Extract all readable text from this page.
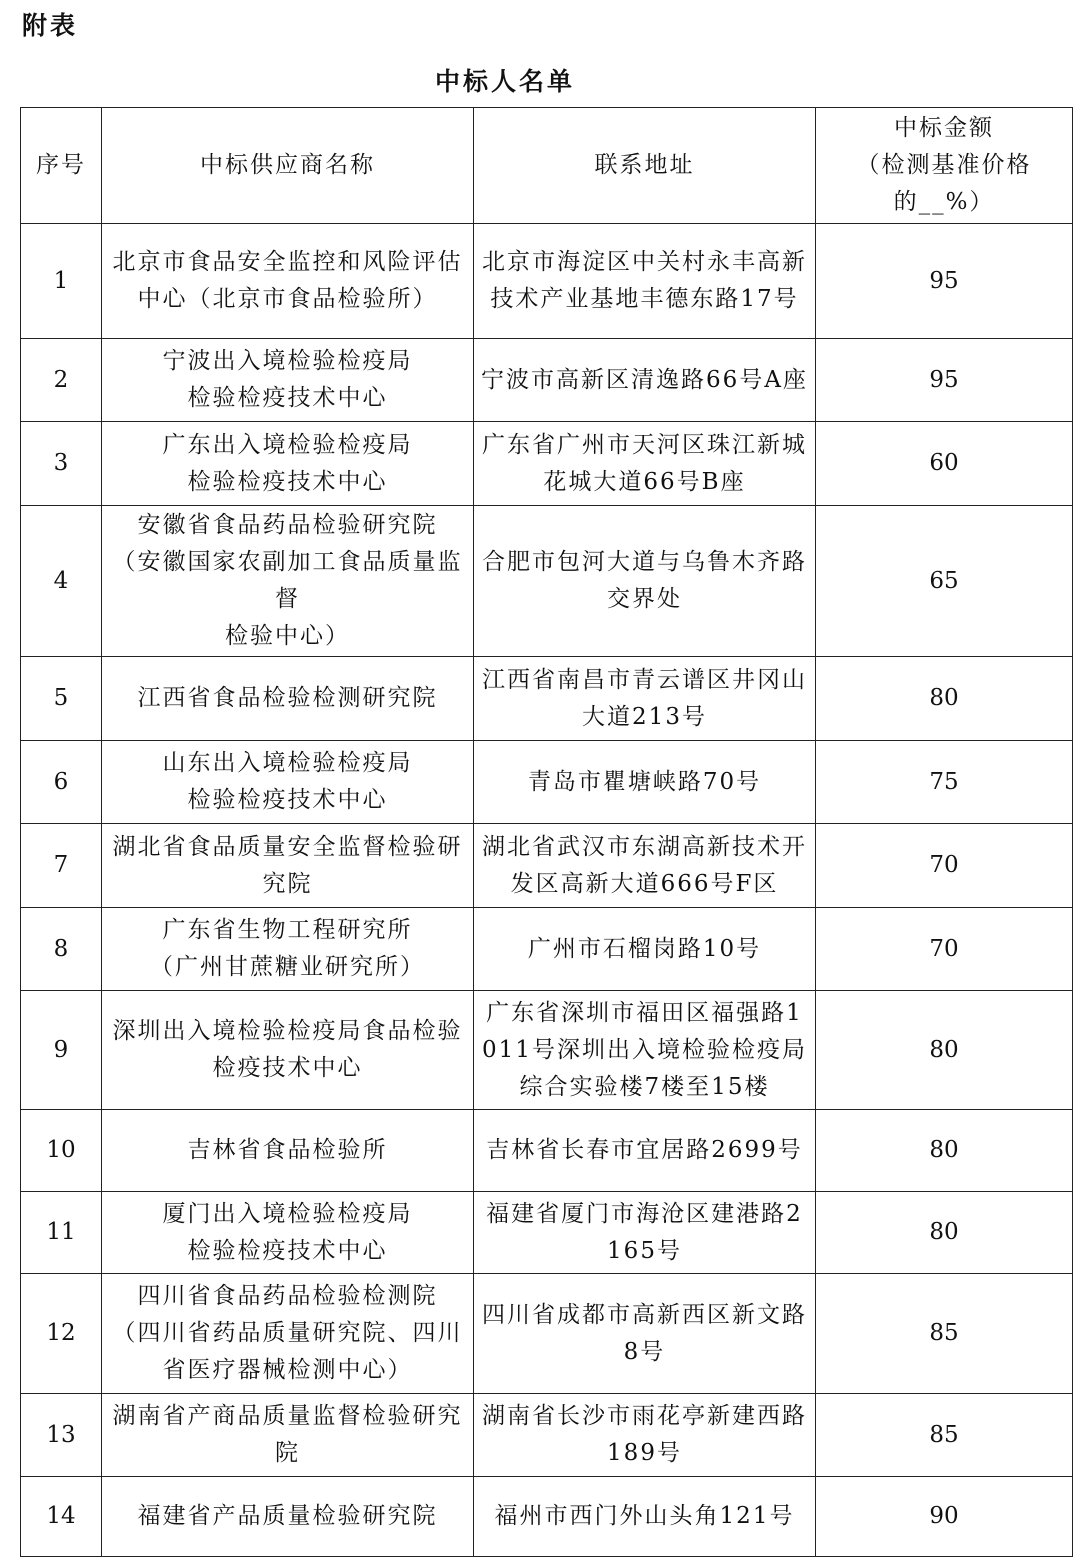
附表
中标人名单
序号	中标供应商名称	联系地址	中标金额
（检测基准价格
的__%）
1	北京市食品安全监控和风险评估中心（北京市食品检验所）	北京市海淀区中关村永丰高新技术产业基地丰德东路17号	95
2	宁波出入境检验检疫局
检验检疫技术中心	宁波市高新区清逸路66号A座	95
3	广东出入境检验检疫局
检验检疫技术中心	广东省广州市天河区珠江新城花城大道66号B座	60
4	安徽省食品药品检验研究院
（安徽国家农副加工食品质量监督
检验中心）	合肥市包河大道与乌鲁木齐路交界处	65
5	江西省食品检验检测研究院	江西省南昌市青云谱区井冈山大道213号	80
6	山东出入境检验检疫局
检验检疫技术中心	青岛市瞿塘峡路70号	75
7	湖北省食品质量安全监督检验研究院	湖北省武汉市东湖高新技术开发区高新大道666号F区	70
8	广东省生物工程研究所
（广州甘蔗糖业研究所）	广州市石榴岗路10号	70
9	深圳出入境检验检疫局食品检验检疫技术中心	广东省深圳市福田区福强路1011号深圳出入境检验检疫局综合实验楼7楼至15楼	80
10	吉林省食品检验所	吉林省长春市宜居路2699号	80
11	厦门出入境检验检疫局
检验检疫技术中心	福建省厦门市海沧区建港路2165号	80
12	四川省食品药品检验检测院
（四川省药品质量研究院、四川省医疗器械检测中心）	四川省成都市高新西区新文路8号	85
13	湖南省产商品质量监督检验研究院	湖南省长沙市雨花亭新建西路189号	85
14	福建省产品质量检验研究院	福州市西门外山头角121号	90
